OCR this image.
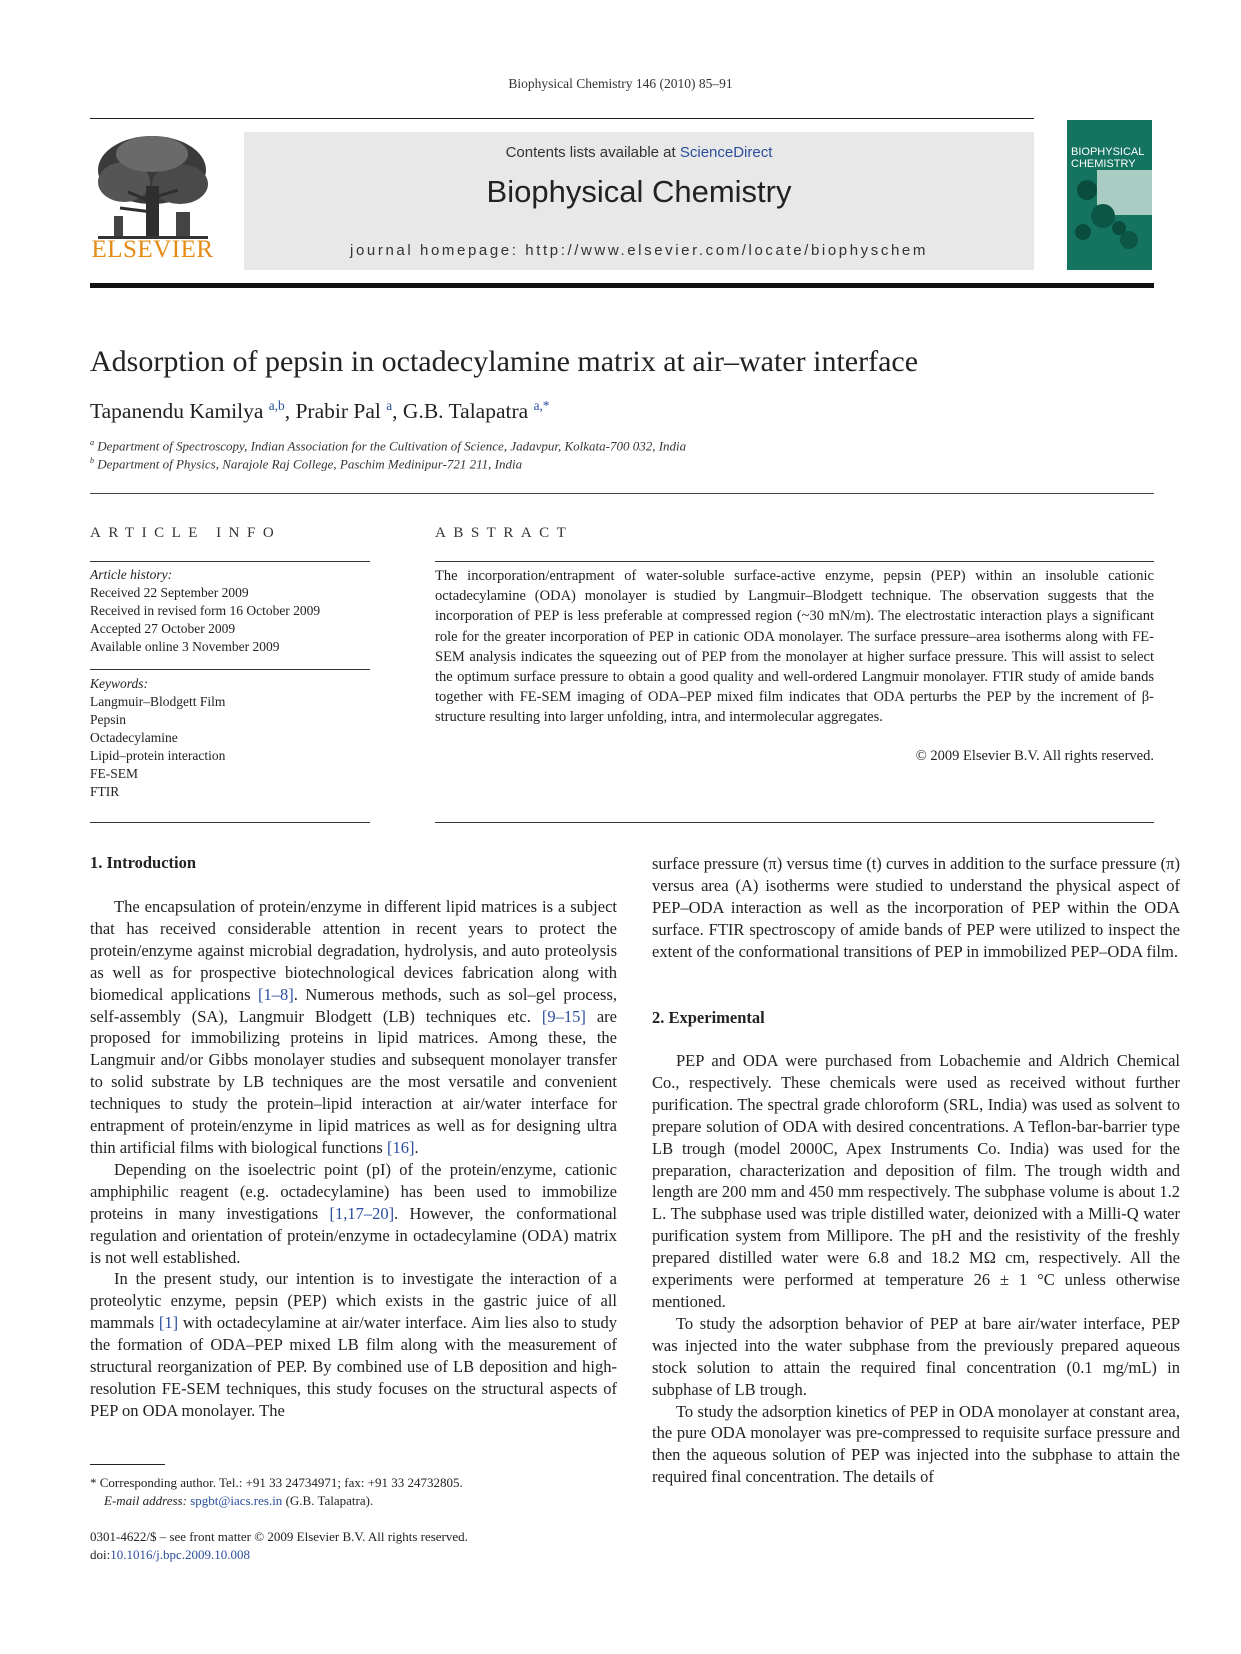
Biophysical Chemistry 146 (2010) 85–91
ELSEVIER
Contents lists available at ScienceDirect
Biophysical Chemistry
journal homepage: http://www.elsevier.com/locate/biophyschem
BIOPHYSICAL CHEMISTRY
Adsorption of pepsin in octadecylamine matrix at air–water interface
Tapanendu Kamilya $^{a,b}$, Prabir Pal $^a$, G.B. Talapatra $^{a,*}$
$^a$ Department of Spectroscopy, Indian Association for the Cultivation of Science, Jadavpur, Kolkata-700 032, India
$^b$ Department of Physics, Narajole Raj College, Paschim Medinipur-721 211, India
ARTICLE INFO
Article history:
Received 22 September 2009
Received in revised form 16 October 2009
Accepted 27 October 2009
Available online 3 November 2009
Keywords:
Langmuir–Blodgett Film
Pepsin
Octadecylamine
Lipid–protein interaction
FE-SEM
FTIR
ABSTRACT
The incorporation/entrapment of water-soluble surface-active enzyme, pepsin (PEP) within an insoluble cationic octadecylamine (ODA) monolayer is studied by Langmuir–Blodgett technique. The observation suggests that the incorporation of PEP is less preferable at compressed region (~30 mN/m). The electrostatic interaction plays a significant role for the greater incorporation of PEP in cationic ODA monolayer. The surface pressure–area isotherms along with FE-SEM analysis indicates the squeezing out of PEP from the monolayer at higher surface pressure. This will assist to select the optimum surface pressure to obtain a good quality and well-ordered Langmuir monolayer. FTIR study of amide bands together with FE-SEM imaging of ODA–PEP mixed film indicates that ODA perturbs the PEP by the increment of β-structure resulting into larger unfolding, intra, and intermolecular aggregates.
© 2009 Elsevier B.V. All rights reserved.
1. Introduction

The encapsulation of protein/enzyme in different lipid matrices is a subject that has received considerable attention in recent years to protect the protein/enzyme against microbial degradation, hydrolysis, and auto proteolysis as well as for prospective biotechnological devices fabrication along with biomedical applications [1–8]. Numerous methods, such as sol–gel process, self-assembly (SA), Langmuir Blodgett (LB) techniques etc. [9–15] are proposed for immobilizing proteins in lipid matrices. Among these, the Langmuir and/or Gibbs monolayer studies and subsequent monolayer transfer to solid substrate by LB techniques are the most versatile and convenient techniques to study the protein–lipid interaction at air/water interface for entrapment of protein/enzyme in lipid matrices as well as for designing ultra thin artificial films with biological functions [16].

Depending on the isoelectric point (pI) of the protein/enzyme, cationic amphiphilic reagent (e.g. octadecylamine) has been used to immobilize proteins in many investigations [1,17–20]. However, the conformational regulation and orientation of protein/enzyme in octadecylamine (ODA) matrix is not well established.

In the present study, our intention is to investigate the interaction of a proteolytic enzyme, pepsin (PEP) which exists in the gastric juice of all mammals [1] with octadecylamine at air/water interface. Aim lies also to study the formation of ODA–PEP mixed LB film along with the measurement of structural reorganization of PEP. By combined use of LB deposition and high-resolution FE-SEM techniques, this study focuses on the structural aspects of PEP on ODA monolayer. The

surface pressure (π) versus time (t) curves in addition to the surface pressure (π) versus area (A) isotherms were studied to understand the physical aspect of PEP–ODA interaction as well as the incorporation of PEP within the ODA surface. FTIR spectroscopy of amide bands of PEP were utilized to inspect the extent of the conformational transitions of PEP in immobilized PEP–ODA film.

2. Experimental

PEP and ODA were purchased from Lobachemie and Aldrich Chemical Co., respectively. These chemicals were used as received without further purification. The spectral grade chloroform (SRL, India) was used as solvent to prepare solution of ODA with desired concentrations. A Teflon-bar-barrier type LB trough (model 2000C, Apex Instruments Co. India) was used for the preparation, characterization and deposition of film. The trough width and length are 200 mm and 450 mm respectively. The subphase volume is about 1.2 L. The subphase used was triple distilled water, deionized with a Milli-Q water purification system from Millipore. The pH and the resistivity of the freshly prepared distilled water were 6.8 and 18.2 MΩ cm, respectively. All the experiments were performed at temperature 26 ± 1 °C unless otherwise mentioned.

To study the adsorption behavior of PEP at bare air/water interface, PEP was injected into the water subphase from the previously prepared aqueous stock solution to attain the required final concentration (0.1 mg/mL) in subphase of LB trough.

To study the adsorption kinetics of PEP in ODA monolayer at constant area, the pure ODA monolayer was pre-compressed to requisite surface pressure and then the aqueous solution of PEP was injected into the subphase to attain the required final concentration. The details of

* Corresponding author. Tel.: +91 33 24734971; fax: +91 33 24732805.
E-mail address: spgbt@iacs.res.in (G.B. Talapatra).
0301-4622/$ – see front matter © 2009 Elsevier B.V. All rights reserved.
doi:10.1016/j.bpc.2009.10.008
